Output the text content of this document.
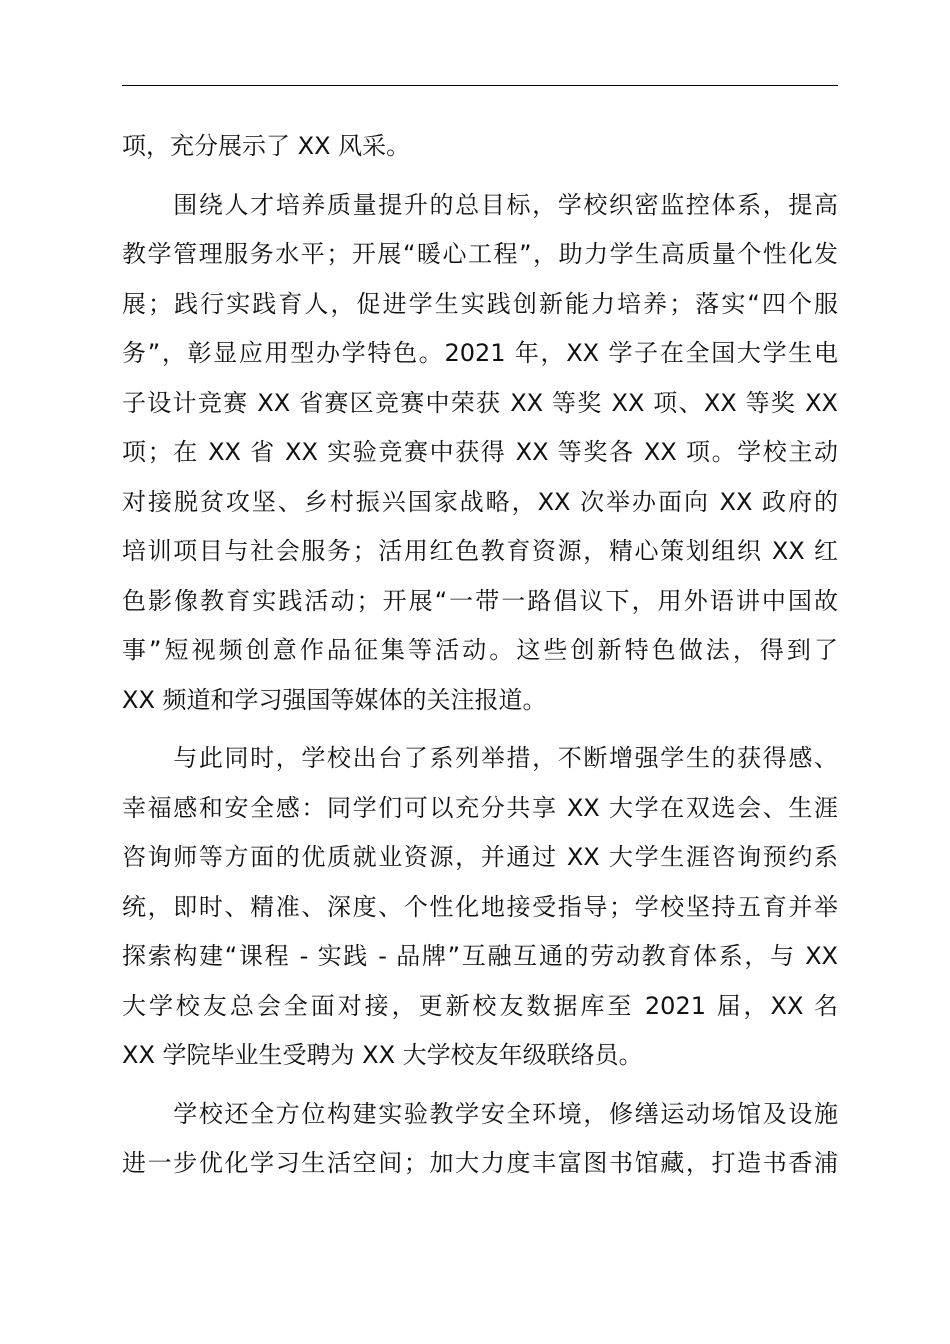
项，充分展示了 XX 风采。
　　围绕人才培养质量提升的总目标，学校织密监控体系，提高
教学管理服务水平；开展“暖心工程”，助力学生高质量个性化发
展；践行实践育人，促进学生实践创新能力培养；落实“四个服
务”，彰显应用型办学特色。2021 年，XX 学子在全国大学生电
子设计竞赛 XX 省赛区竞赛中荣获 XX 等奖 XX 项、XX 等奖 XX
项；在 XX 省 XX 实验竞赛中获得 XX 等奖各 XX 项。学校主动
对接脱贫攻坚、乡村振兴国家战略，XX 次举办面向 XX 政府的
培训项目与社会服务；活用红色教育资源，精心策划组织 XX 红
色影像教育实践活动；开展“一带一路倡议下，用外语讲中国故
事”短视频创意作品征集等活动。这些创新特色做法，得到了
XX 频道和学习强国等媒体的关注报道。
　　与此同时，学校出台了系列举措，不断增强学生的获得感、
幸福感和安全感：同学们可以充分共享 XX 大学在双选会、生涯
咨询师等方面的优质就业资源，并通过 XX 大学生涯咨询预约系
统，即时、精准、深度、个性化地接受指导；学校坚持五育并举
探索构建“课程 - 实践 - 品牌”互融互通的劳动教育体系，与 XX
大学校友总会全面对接，更新校友数据库至 2021 届，XX 名
XX 学院毕业生受聘为 XX 大学校友年级联络员。
　　学校还全方位构建实验教学安全环境，修缮运动场馆及设施
进一步优化学习生活空间；加大力度丰富图书馆藏，打造书香浦
